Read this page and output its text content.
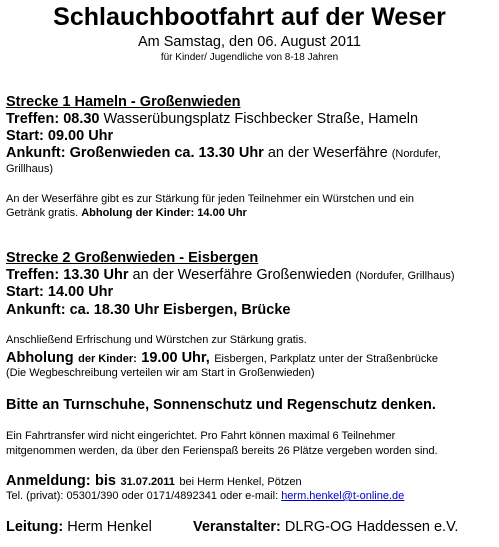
Schlauchbootfahrt auf der Weser
Am Samstag, den 06. August 2011
für Kinder/ Jugendliche von 8-18 Jahren
Strecke 1 Hameln - Großenwieden
Treffen: 08.30 Wasserübungsplatz Fischbecker Straße, Hameln
Start: 09.00 Uhr
Ankunft: Großenwieden ca. 13.30 Uhr an der Weserfähre (Nordufer,
Grillhaus)
An der Weserfähre gibt es zur Stärkung für jeden Teilnehmer ein Würstchen und ein
Getränk gratis. Abholung der Kinder: 14.00 Uhr
Strecke 2 Großenwieden - Eisbergen
Treffen: 13.30 Uhr an der Weserfähre Großenwieden (Nordufer, Grillhaus)
Start: 14.00 Uhr
Ankunft: ca. 18.30 Uhr Eisbergen, Brücke
Anschließend Erfrischung und Würstchen zur Stärkung gratis.
Abholung der Kinder: 19.00 Uhr, Eisbergen, Parkplatz unter der Straßenbrücke
(Die Wegbeschreibung verteilen wir am Start in Großenwieden)
Bitte an Turnschuhe, Sonnenschutz und Regenschutz denken.
Ein Fahrtransfer wird nicht eingerichtet. Pro Fahrt können maximal 6 Teilnehmer
mitgenommen werden, da über den Ferienspaß bereits 26 Plätze vergeben worden sind.
Anmeldung: bis 31.07.2011 bei Herm Henkel, Pötzen
Tel. (privat): 05301/390 oder 0171/4892341 oder e-mail: herm.henkel@t-online.de
Leitung: Herm Henkel	Veranstalter: DLRG-OG Haddessen e.V.
